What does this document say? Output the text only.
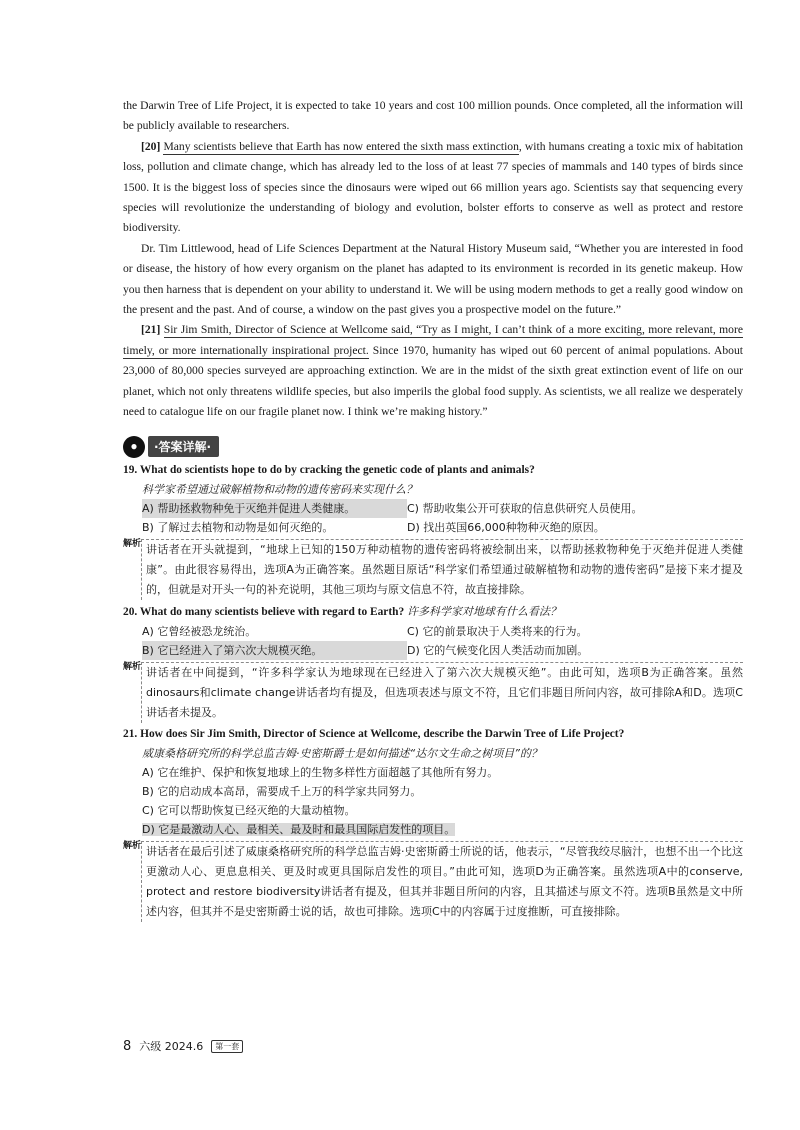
the Darwin Tree of Life Project, it is expected to take 10 years and cost 100 million pounds. Once completed, all the information will be publicly available to researchers.

[20] Many scientists believe that Earth has now entered the sixth mass extinction, with humans creating a toxic mix of habitation loss, pollution and climate change, which has already led to the loss of at least 77 species of mammals and 140 types of birds since 1500. It is the biggest loss of species since the dinosaurs were wiped out 66 million years ago. Scientists say that sequencing every species will revolutionize the understanding of biology and evolution, bolster efforts to conserve as well as protect and restore biodiversity.

Dr. Tim Littlewood, head of Life Sciences Department at the Natural History Museum said, “Whether you are interested in food or disease, the history of how every organism on the planet has adapted to its environment is recorded in its genetic makeup. How you then harness that is dependent on your ability to understand it. We will be using modern methods to get a really good window on the present and the past. And of course, a window on the past gives you a prospective model on the future.”

[21] Sir Jim Smith, Director of Science at Wellcome said, “Try as I might, I can’t think of a more exciting, more relevant, more timely, or more internationally inspirational project. Since 1970, humanity has wiped out 60 percent of animal populations. About 23,000 of 80,000 species surveyed are approaching extinction. We are in the midst of the sixth great extinction event of life on our planet, which not only threatens wildlife species, but also imperils the global food supply. As scientists, we all realize we desperately need to catalogue life on our fragile planet now. I think we’re making history.”

●	·答案详解·
19. What do scientists hope to do by cracking the genetic code of plants and animals?
科学家希望通过破解植物和动物的遗传密码来实现什么？
A) 帮助拯救物种免于灭绝并促进人类健康。	C) 帮助收集公开可获取的信息供研究人员使用。
B) 了解过去植物和动物是如何灭绝的。	D) 找出英国66,000种物种灭绝的原因。
解析 讲话者在开头就提到，“地球上已知的150万种动植物的遗传密码将被绘制出来，以帮助拯救物种免于灭绝并促进人类健康”。由此很容易得出，选项A为正确答案。虽然题目原话“科学家们希望通过破解植物和动物的遗传密码”是接下来才提及的，但就是对开头一句的补充说明，其他三项均与原文信息不符，故直接排除。
20. What do many scientists believe with regard to Earth? 许多科学家对地球有什么看法？
A) 它曾经被恐龙统治。	C) 它的前景取决于人类将来的行为。
B) 它已经进入了第六次大规模灭绝。	D) 它的气候变化因人类活动而加剧。
解析 讲话者在中间提到，“许多科学家认为地球现在已经进入了第六次大规模灭绝”。由此可知，选项B为正确答案。虽然dinosaurs和climate change讲话者均有提及，但选项表述与原文不符，且它们非题目所问内容，故可排除A和D。选项C讲话者未提及。
21. How does Sir Jim Smith, Director of Science at Wellcome, describe the Darwin Tree of Life Project?
威康桑格研究所的科学总监吉姆·史密斯爵士是如何描述“达尔文生命之树项目”的？
A) 它在维护、保护和恢复地球上的生物多样性方面超越了其他所有努力。
B) 它的启动成本高昂，需要成千上万的科学家共同努力。
C) 它可以帮助恢复已经灭绝的大量动植物。
D) 它是最激动人心、最相关、最及时和最具国际启发性的项目。
解析 讲话者在最后引述了威康桑格研究所的科学总监吉姆·史密斯爵士所说的话，他表示，“尽管我绞尽脑汁，也想不出一个比这更激动人心、更息息相关、更及时或更具国际启发性的项目。”由此可知，选项D为正确答案。虽然选项A中的conserve, protect and restore biodiversity讲话者有提及，但其并非题目所问的内容，且其描述与原文不符。选项B虽然是文中所述内容，但其并不是史密斯爵士说的话，故也可排除。选项C中的内容属于过度推断，可直接排除。
8 六级 2024.6	第一套
